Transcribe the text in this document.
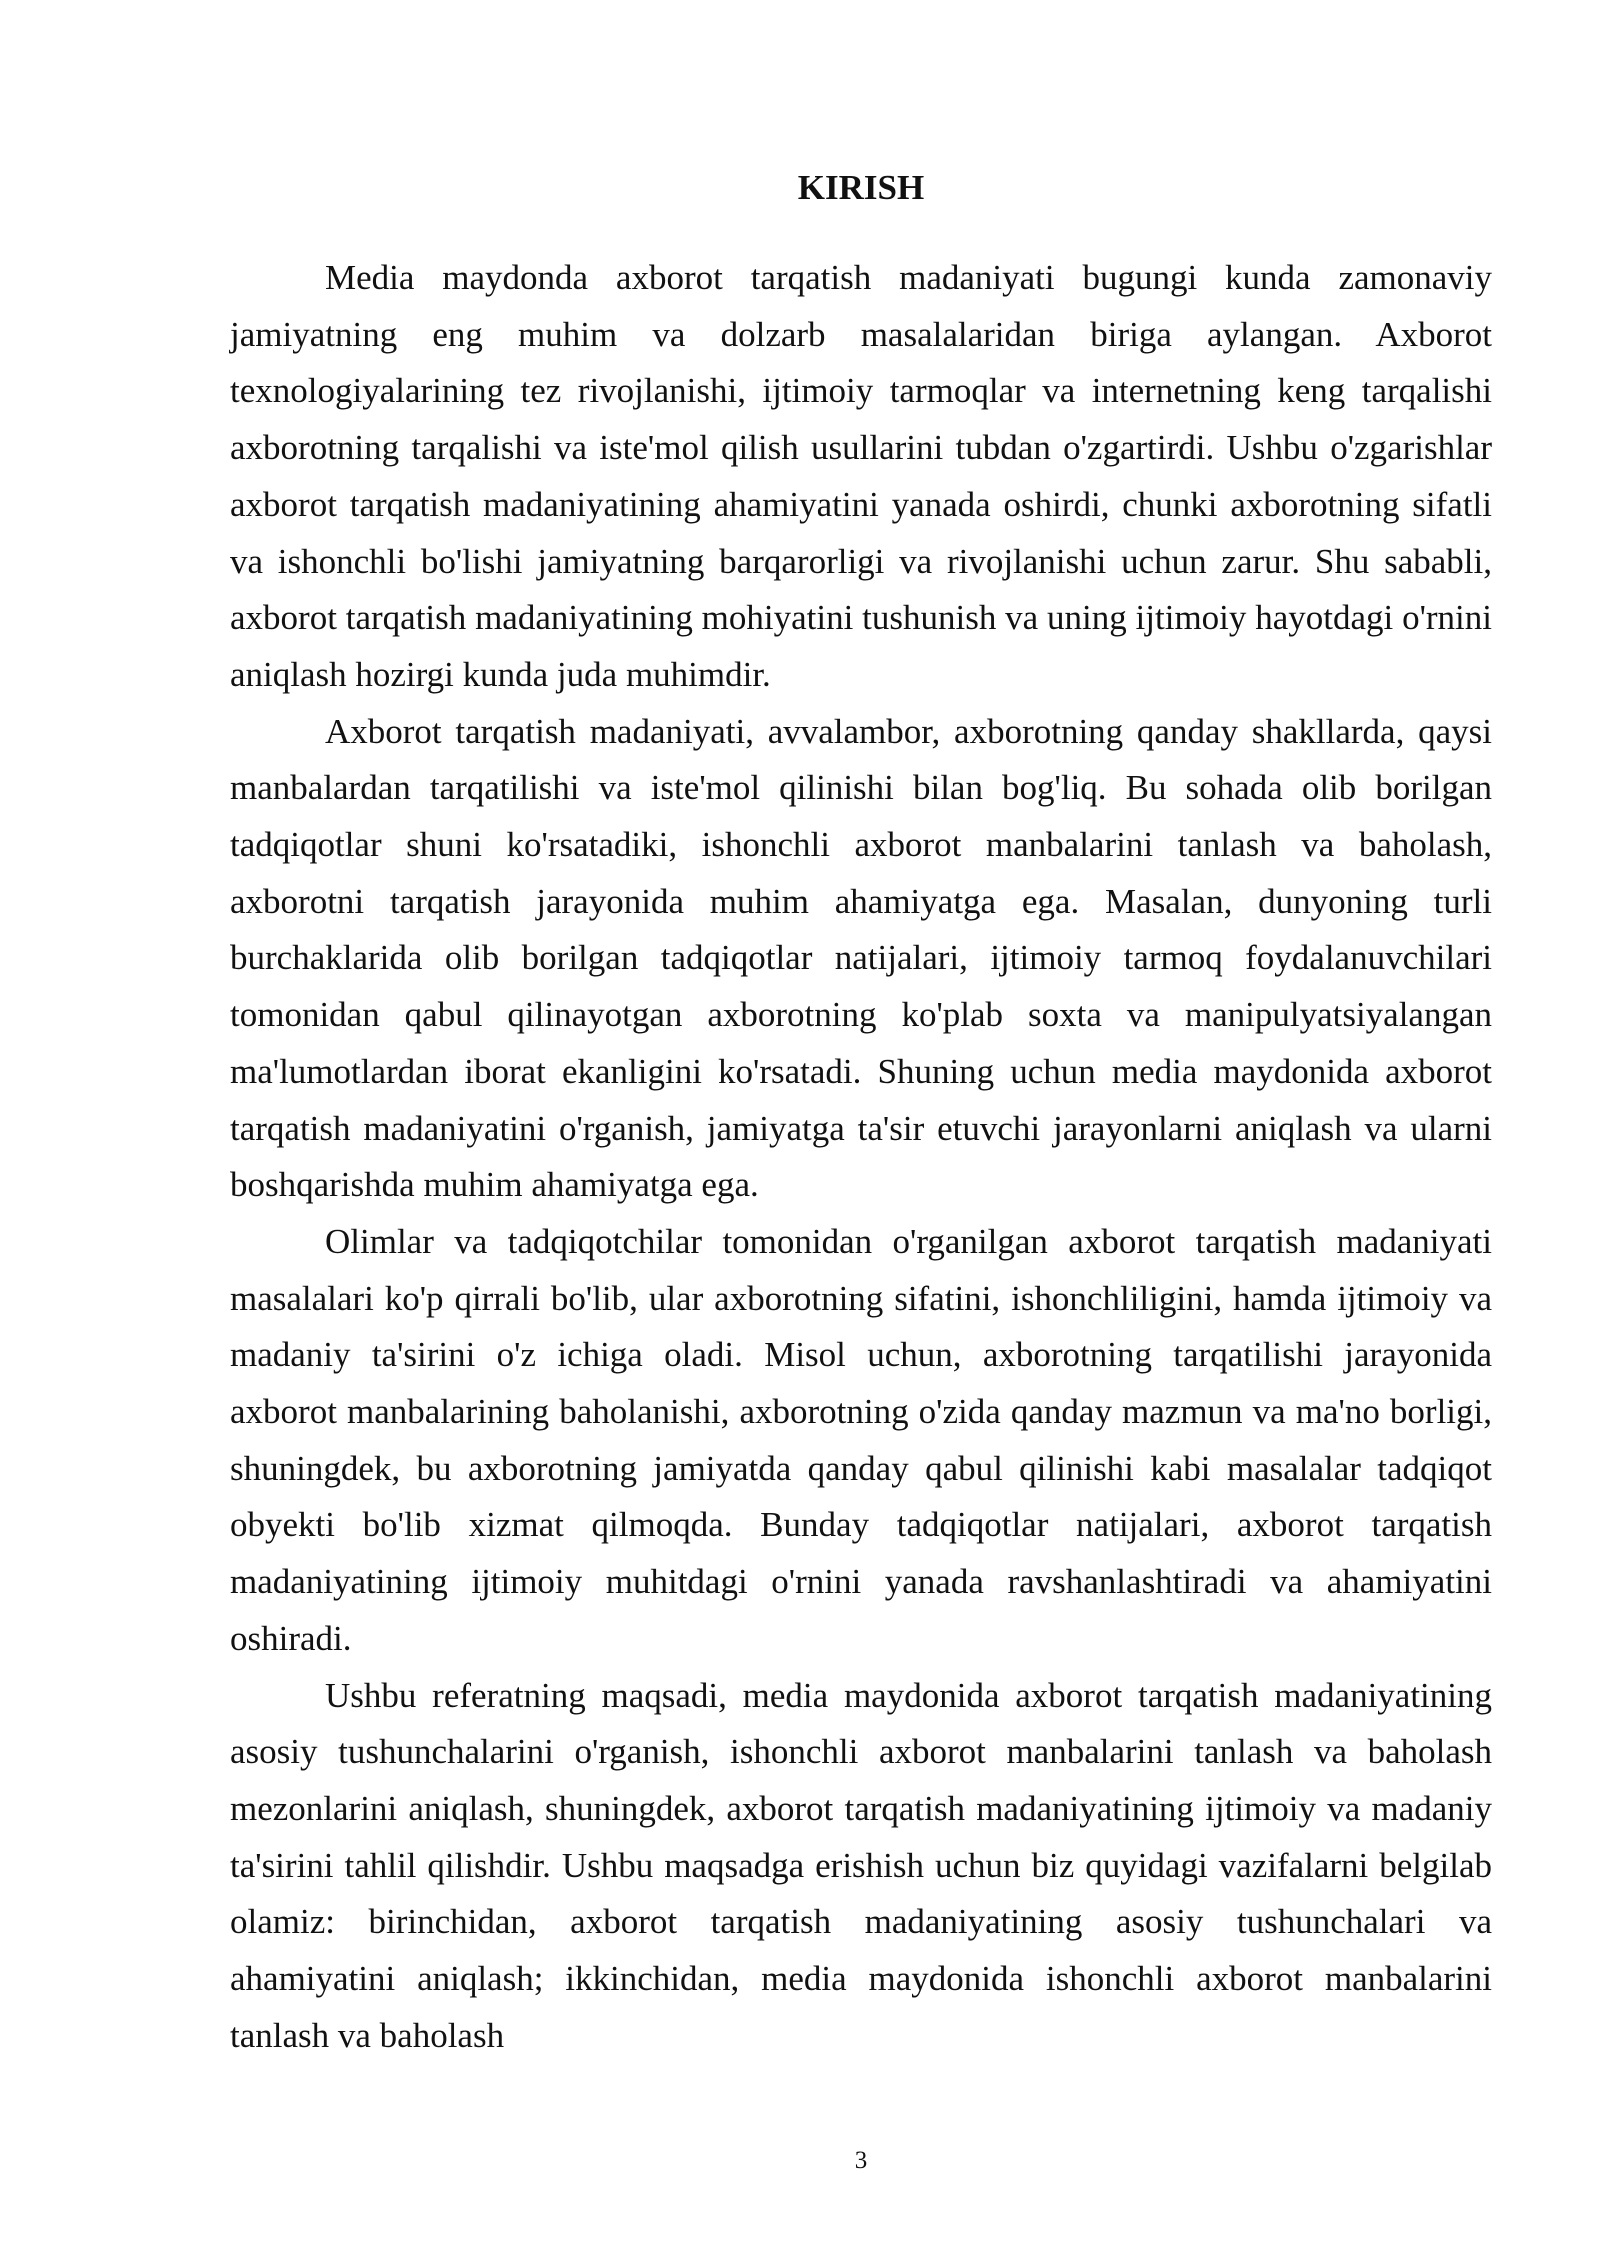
KIRISH

Media maydonda axborot tarqatish madaniyati bugungi kunda zamonaviy jamiyatning eng muhim va dolzarb masalalaridan biriga aylangan. Axborot texnologiyalarining tez rivojlanishi, ijtimoiy tarmoqlar va internetning keng tarqalishi axborotning tarqalishi va iste'mol qilish usullarini tubdan o'zgartirdi. Ushbu o'zgarishlar axborot tarqatish madaniyatining ahamiyatini yanada oshirdi, chunki axborotning sifatli va ishonchli bo'lishi jamiyatning barqarorligi va rivojlanishi uchun zarur. Shu sababli, axborot tarqatish madaniyatining mohiyatini tushunish va uning ijtimoiy hayotdagi o'rnini aniqlash hozirgi kunda juda muhimdir.

Axborot tarqatish madaniyati, avvalambor, axborotning qanday shakllarda, qaysi manbalardan tarqatilishi va iste'mol qilinishi bilan bog'liq. Bu sohada olib borilgan tadqiqotlar shuni ko'rsatadiki, ishonchli axborot manbalarini tanlash va baholash, axborotni tarqatish jarayonida muhim ahamiyatga ega. Masalan, dunyoning turli burchaklarida olib borilgan tadqiqotlar natijalari, ijtimoiy tarmoq foydalanuvchilari tomonidan qabul qilinayotgan axborotning ko'plab soxta va manipulyatsiyalangan ma'lumotlardan iborat ekanligini ko'rsatadi. Shuning uchun media maydonida axborot tarqatish madaniyatini o'rganish, jamiyatga ta'sir etuvchi jarayonlarni aniqlash va ularni boshqarishda muhim ahamiyatga ega.

Olimlar va tadqiqotchilar tomonidan o'rganilgan axborot tarqatish madaniyati masalalari ko'p qirrali bo'lib, ular axborotning sifatini, ishonchliligini, hamda ijtimoiy va madaniy ta'sirini o'z ichiga oladi. Misol uchun, axborotning tarqatilishi jarayonida axborot manbalarining baholanishi, axborotning o'zida qanday mazmun va ma'no borligi, shuningdek, bu axborotning jamiyatda qanday qabul qilinishi kabi masalalar tadqiqot obyekti bo'lib xizmat qilmoqda. Bunday tadqiqotlar natijalari, axborot tarqatish madaniyatining ijtimoiy muhitdagi o'rnini yanada ravshanlashtiradi va ahamiyatini oshiradi.

Ushbu referatning maqsadi, media maydonida axborot tarqatish madaniyatining asosiy tushunchalarini o'rganish, ishonchli axborot manbalarini tanlash va baholash mezonlarini aniqlash, shuningdek, axborot tarqatish madaniyatining ijtimoiy va madaniy ta'sirini tahlil qilishdir. Ushbu maqsadga erishish uchun biz quyidagi vazifalarni belgilab olamiz: birinchidan, axborot tarqatish madaniyatining asosiy tushunchalari va ahamiyatini aniqlash; ikkinchidan, media maydonida ishonchli axborot manbalarini tanlash va baholash

3
